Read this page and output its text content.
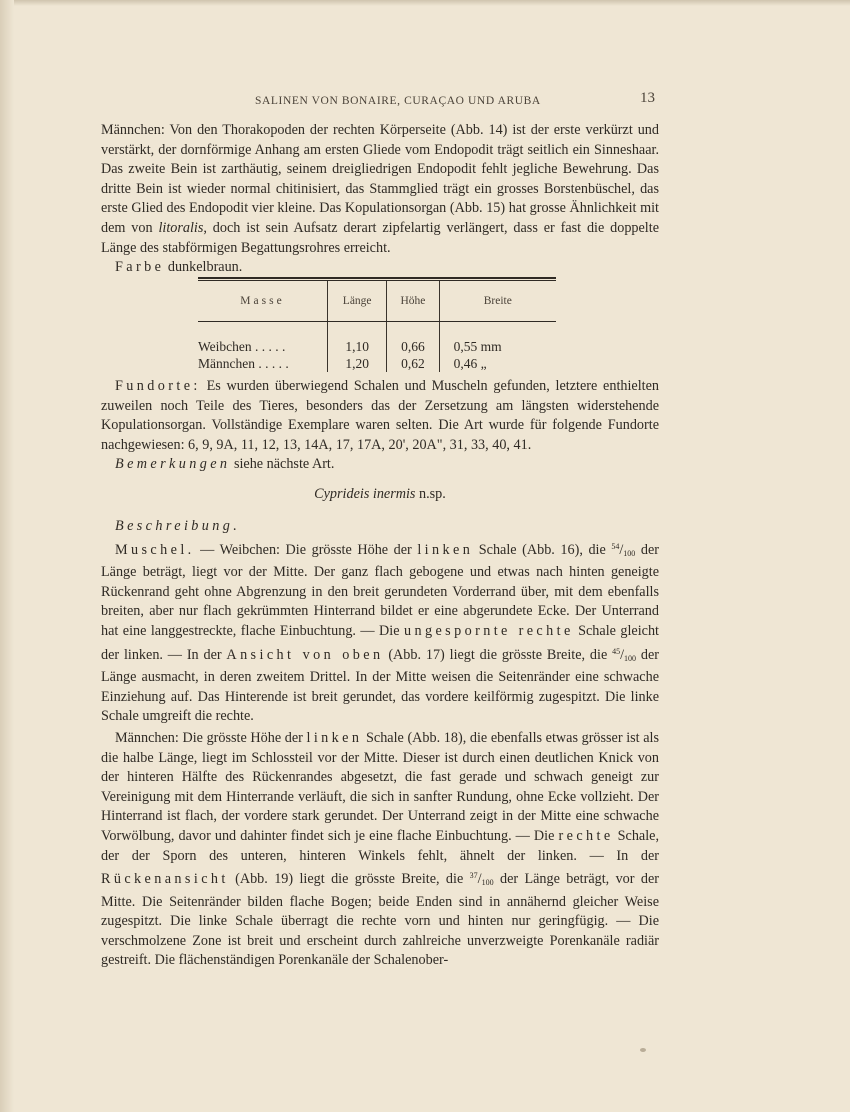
SALINEN VON BONAIRE, CURAÇAO UND ARUBA	13

Männchen: Von den Thorakopoden der rechten Körperseite (Abb. 14) ist der erste verkürzt und verstärkt, der dornförmige Anhang am ersten Gliede vom Endopodit trägt seitlich ein Sinneshaar. Das zweite Bein ist zarthäutig, seinem dreigliedrigen Endopodit fehlt jegliche Bewehrung. Das dritte Bein ist wieder normal chitinisiert, das Stammglied trägt ein grosses Borstenbüschel, das erste Glied des Endopodit vier kleine. Das Kopulationsorgan (Abb. 15) hat grosse Ähnlichkeit mit dem von litoralis, doch ist sein Aufsatz derart zipfelartig verlängert, dass er fast die doppelte Länge des stabförmigen Begattungsrohres erreicht.

Farbe dunkelbraun.

Masse	Länge	Höhe	Breite

Weibchen . . . . .	1,10	0,66	0,55 mm
Männchen . . . . .	1,20	0,62	0,46 „

Fundorte: Es wurden überwiegend Schalen und Muscheln gefunden, letztere enthielten zuweilen noch Teile des Tieres, besonders das der Zersetzung am längsten widerstehende Kopulationsorgan. Vollständige Exemplare waren selten. Die Art wurde für folgende Fundorte nachgewiesen: 6, 9, 9A, 11, 12, 13, 14A, 17, 17A, 20', 20A", 31, 33, 40, 41.

Bemerkungen siehe nächste Art.

Cyprideis inermis n.sp.

Beschreibung.

Muschel. — Weibchen: Die grösste Höhe der linken Schale (Abb. 16), die $^{54}/_{100}$ der Länge beträgt, liegt vor der Mitte. Der ganz flach gebogene und etwas nach hinten geneigte Rückenrand geht ohne Abgrenzung in den breit gerundeten Vorderrand über, mit dem ebenfalls breiten, aber nur flach gekrümmten Hinterrand bildet er eine abgerundete Ecke. Der Unterrand hat eine langgestreckte, flache Einbuchtung. — Die ungespornte rechte Schale gleicht der linken. — In der Ansicht von oben (Abb. 17) liegt die grösste Breite, die $^{45}/_{100}$ der Länge ausmacht, in deren zweitem Drittel. In der Mitte weisen die Seitenränder eine schwache Einziehung auf. Das Hinterende ist breit gerundet, das vordere keilförmig zugespitzt. Die linke Schale umgreift die rechte.

Männchen: Die grösste Höhe der linken Schale (Abb. 18), die ebenfalls etwas grösser ist als die halbe Länge, liegt im Schlossteil vor der Mitte. Dieser ist durch einen deutlichen Knick von der hinteren Hälfte des Rückenrandes abgesetzt, die fast gerade und schwach geneigt zur Vereinigung mit dem Hinterrande verläuft, die sich in sanfter Rundung, ohne Ecke vollzieht. Der Hinterrand ist flach, der vordere stark gerundet. Der Unterrand zeigt in der Mitte eine schwache Vorwölbung, davor und dahinter findet sich je eine flache Einbuchtung. — Die rechte Schale, der der Sporn des unteren, hinteren Winkels fehlt, ähnelt der linken. — In der Rückenansicht (Abb. 19) liegt die grösste Breite, die $^{37}/_{100}$ der Länge beträgt, vor der Mitte. Die Seitenränder bilden flache Bogen; beide Enden sind in annähernd gleicher Weise zugespitzt. Die linke Schale überragt die rechte vorn und hinten nur geringfügig. — Die verschmolzene Zone ist breit und erscheint durch zahlreiche unverzweigte Porenkanäle radiär gestreift. Die flächenständigen Porenkanäle der Schalenober-
